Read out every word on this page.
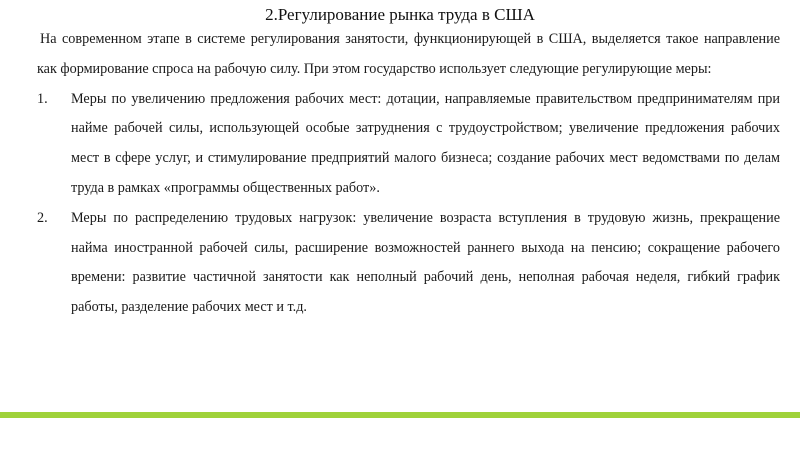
2.Регулирование рынка труда в США

На современном этапе в системе регулирования занятости, функционирующей в США, выделяется такое направление как формирование спроса на рабочую силу. При этом государство использует следующие регулирующие меры:

1. Меры по увеличению предложения рабочих мест: дотации, направляемые правительством предпринимателям при найме рабочей силы, использующей особые затруднения с трудоустройством; увеличение предложения рабочих мест в сфере услуг, и стимулирование предприятий малого бизнеса; создание рабочих мест ведомствами по делам труда в рамках «программы общественных работ».
2. Меры по распределению трудовых нагрузок: увеличение возраста вступления в трудовую жизнь, прекращение найма иностранной рабочей силы, расширение возможностей раннего выхода на пенсию; сокращение рабочего времени: развитие частичной занятости как неполный рабочий день, неполная рабочая неделя, гибкий график работы, разделение рабочих мест и т.д.
